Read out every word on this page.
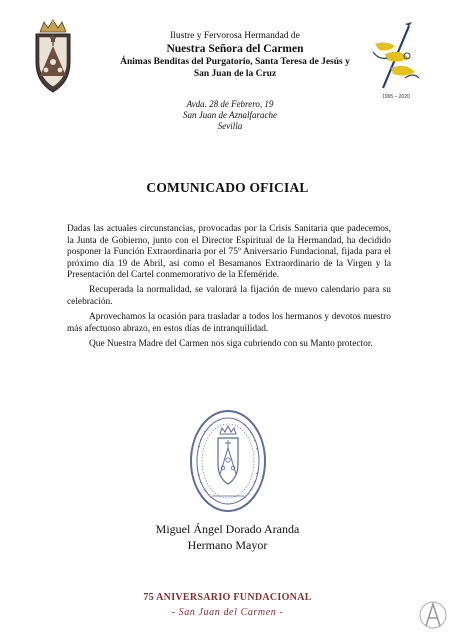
Ilustre y Fervorosa Hermandad de
Nuestra Señora del Carmen
Ánimas Benditas del Purgatorio, Santa Teresa de Jesús y
San Juan de la Cruz
Avda. 28 de Febrero, 19
San Juan de Aznalfarache
Sevilla
1995 – 2020
COMUNICADO OFICIAL

Dadas las actuales circunstancias, provocadas por la Crisis Sanitaria que padecemos, la Junta de Gobierno, junto con el Director Espiritual de la Hermandad, ha decidido posponer la Función Extraordinaria por el 75º Aniversario Fundacional, fijada para el próximo día 19 de Abril, así como el Besamanos Extraordinario de la Virgen y la Presentación del Cartel conmemorativo de la Efeméride.

Recuperada la normalidad, se valorará la fijación de nuevo calendario para su celebración.

Aprovechamos la ocasión para trasladar a todos los hermanos y devotos nuestro más afectuoso abrazo, en estos días de intranquilidad.

Que Nuestra Madre del Carmen nos siga cubriendo con su Manto protector.

Miguel Ángel Dorado Aranda
Hermano Mayor
75 ANIVERSARIO FUNDACIONAL
- San Juan del Carmen -
